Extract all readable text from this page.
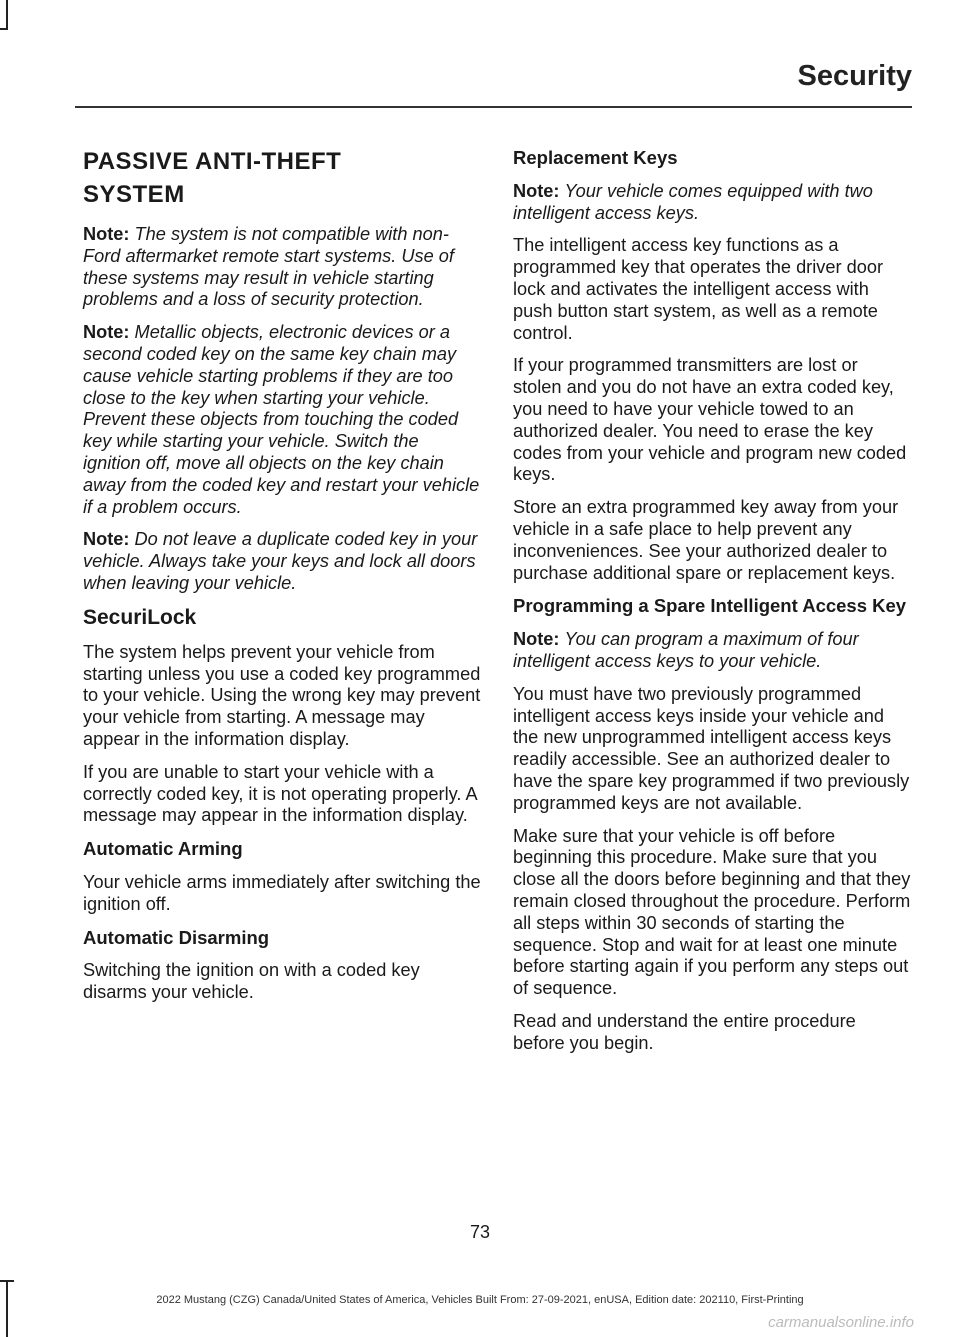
Security
PASSIVE ANTI-THEFT
SYSTEM

Note: The system is not compatible with non-Ford aftermarket remote start systems. Use of these systems may result in vehicle starting problems and a loss of security protection.

Note: Metallic objects, electronic devices or a second coded key on the same key chain may cause vehicle starting problems if they are too close to the key when starting your vehicle. Prevent these objects from touching the coded key while starting your vehicle. Switch the ignition off, move all objects on the key chain away from the coded key and restart your vehicle if a problem occurs.

Note: Do not leave a duplicate coded key in your vehicle. Always take your keys and lock all doors when leaving your vehicle.

SecuriLock

The system helps prevent your vehicle from starting unless you use a coded key programmed to your vehicle. Using the wrong key may prevent your vehicle from starting. A message may appear in the information display.

If you are unable to start your vehicle with a correctly coded key, it is not operating properly. A message may appear in the information display.

Automatic Arming

Your vehicle arms immediately after switching the ignition off.

Automatic Disarming

Switching the ignition on with a coded key disarms your vehicle.

Replacement Keys

Note: Your vehicle comes equipped with two intelligent access keys.

The intelligent access key functions as a programmed key that operates the driver door lock and activates the intelligent access with push button start system, as well as a remote control.

If your programmed transmitters are lost or stolen and you do not have an extra coded key, you need to have your vehicle towed to an authorized dealer. You need to erase the key codes from your vehicle and program new coded keys.

Store an extra programmed key away from your vehicle in a safe place to help prevent any inconveniences. See your authorized dealer to purchase additional spare or replacement keys.

Programming a Spare Intelligent Access Key

Note: You can program a maximum of four intelligent access keys to your vehicle.

You must have two previously programmed intelligent access keys inside your vehicle and the new unprogrammed intelligent access keys readily accessible. See an authorized dealer to have the spare key programmed if two previously programmed keys are not available.

Make sure that your vehicle is off before beginning this procedure. Make sure that you close all the doors before beginning and that they remain closed throughout the procedure. Perform all steps within 30 seconds of starting the sequence. Stop and wait for at least one minute before starting again if you perform any steps out of sequence.

Read and understand the entire procedure before you begin.

73
2022 Mustang (CZG) Canada/United States of America, Vehicles Built From: 27-09-2021, enUSA, Edition date: 202110, First-Printing
carmanualsonline.info
